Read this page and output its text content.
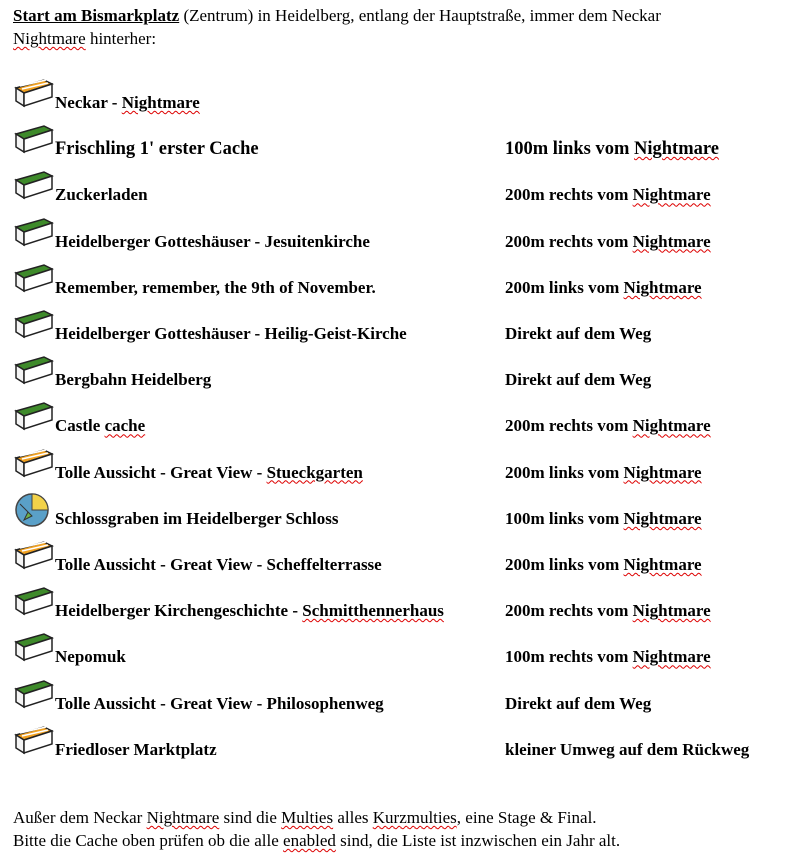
Start am Bismarkplatz (Zentrum) in Heidelberg, entlang der Hauptstraße, immer dem Neckar
Nightmare hinterher:
Neckar - Nightmare
Frischling 1' erster Cache	100m links vom Nightmare
Zuckerladen	200m rechts vom Nightmare
Heidelberger Gotteshäuser - Jesuitenkirche	200m rechts vom Nightmare
Remember, remember, the 9th of November.	200m links vom Nightmare
Heidelberger Gotteshäuser - Heilig-Geist-Kirche	Direkt auf dem Weg
Bergbahn Heidelberg	Direkt auf dem Weg
Castle cache	200m rechts vom Nightmare
Tolle Aussicht - Great View - Stueckgarten	200m links vom Nightmare
Schlossgraben im Heidelberger Schloss	100m links vom Nightmare
Tolle Aussicht - Great View - Scheffelterrasse	200m links vom Nightmare
Heidelberger Kirchengeschichte - Schmitthennerhaus	200m rechts vom Nightmare
Nepomuk	100m rechts vom Nightmare
Tolle Aussicht - Great View - Philosophenweg	Direkt auf dem Weg
Friedloser Marktplatz	kleiner Umweg auf dem Rückweg
Außer dem Neckar Nightmare sind die Multies alles Kurzmulties, eine Stage & Final.
Bitte die Cache oben prüfen ob die alle enabled sind, die Liste ist inzwischen ein Jahr alt.
